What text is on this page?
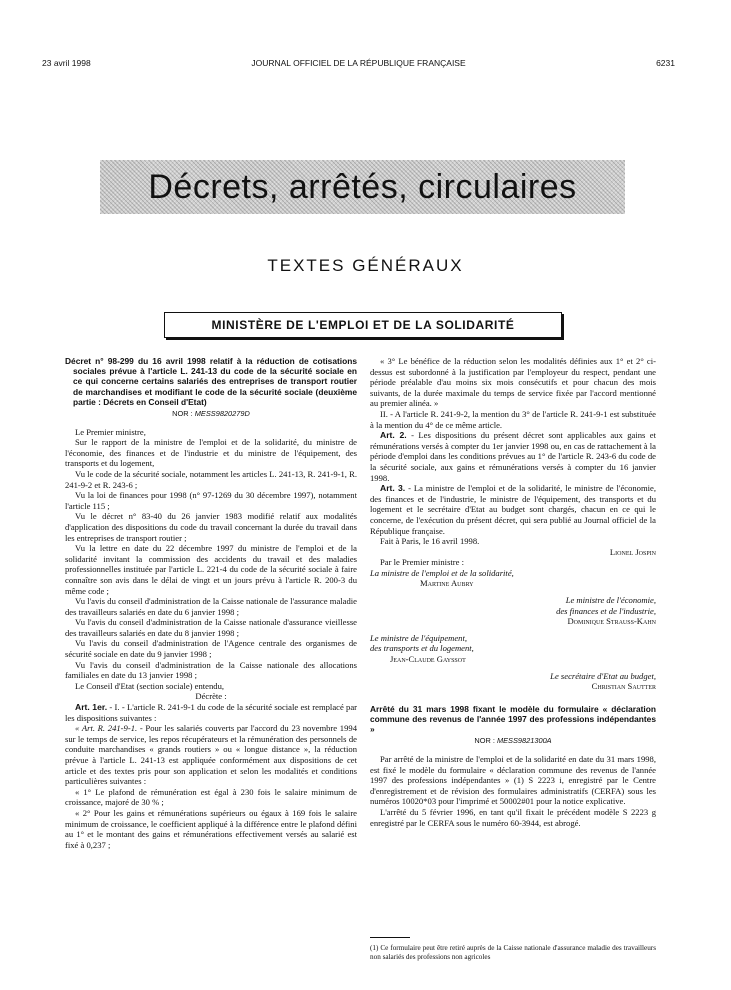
23 avril 1998	JOURNAL OFFICIEL DE LA RÉPUBLIQUE FRANÇAISE	6231
Décrets, arrêtés, circulaires
TEXTES GÉNÉRAUX
MINISTÈRE DE L'EMPLOI ET DE LA SOLIDARITÉ
Décret n° 98-299 du 16 avril 1998 relatif à la réduction de cotisations sociales prévue à l'article L. 241-13 du code de la sécurité sociale en ce qui concerne certains salariés des entreprises de transport routier de marchandises et modifiant le code de la sécurité sociale (deuxième partie : Décrets en Conseil d'Etat)
NOR : MESS9820279D

Le Premier ministre,

Sur le rapport de la ministre de l'emploi et de la solidarité, du ministre de l'économie, des finances et de l'industrie et du ministre de l'équipement, des transports et du logement,

Vu le code de la sécurité sociale, notamment les articles L. 241-13, R. 241-9-1, R. 241-9-2 et R. 243-6 ;

Vu la loi de finances pour 1998 (n° 97-1269 du 30 décembre 1997), notamment l'article 115 ;

Vu le décret n° 83-40 du 26 janvier 1983 modifié relatif aux modalités d'application des dispositions du code du travail concernant la durée du travail dans les entreprises de transport routier ;

Vu la lettre en date du 22 décembre 1997 du ministre de l'emploi et de la solidarité invitant la commission des accidents du travail et des maladies professionnelles instituée par l'article L. 221-4 du code de la sécurité sociale à faire connaître son avis dans le délai de vingt et un jours prévu à l'article R. 200-3 du même code ;

Vu l'avis du conseil d'administration de la Caisse nationale de l'assurance maladie des travailleurs salariés en date du 6 janvier 1998 ;

Vu l'avis du conseil d'administration de la Caisse nationale d'assurance vieillesse des travailleurs salariés en date du 8 janvier 1998 ;

Vu l'avis du conseil d'administration de l'Agence centrale des organismes de sécurité sociale en date du 9 janvier 1998 ;

Vu l'avis du conseil d'administration de la Caisse nationale des allocations familiales en date du 13 janvier 1998 ;

Le Conseil d'Etat (section sociale) entendu,

Décrète :

Art. 1er. - I. - L'article R. 241-9-1 du code de la sécurité sociale est remplacé par les dispositions suivantes :

« Art. R. 241-9-1. - Pour les salariés couverts par l'accord du 23 novembre 1994 sur le temps de service, les repos récupérateurs et la rémunération des personnels de conduite marchandises « grands routiers » ou « longue distance », la réduction prévue à l'article L. 241-13 est appliquée conformément aux dispositions de cet article et des textes pris pour son application et selon les modalités et conditions particulières suivantes :

« 1° Le plafond de rémunération est égal à 230 fois le salaire minimum de croissance, majoré de 30 % ;

« 2° Pour les gains et rémunérations supérieurs ou égaux à 169 fois le salaire minimum de croissance, le coefficient appliqué à la différence entre le plafond défini au 1° et le montant des gains et rémunérations effectivement versés au salarié est fixé à 0,237 ;

« 3° Le bénéfice de la réduction selon les modalités définies aux 1° et 2° ci-dessus est subordonné à la justification par l'employeur du respect, pendant une période préalable d'au moins six mois consécutifs et pour chacun des mois suivants, de la durée maximale du temps de service fixée par l'accord mentionné au premier alinéa. »

II. - A l'article R. 241-9-2, la mention du 3° de l'article R. 241-9-1 est substituée à la mention du 4° de ce même article.

Art. 2. - Les dispositions du présent décret sont applicables aux gains et rémunérations versés à compter du 1er janvier 1998 ou, en cas de rattachement à la période d'emploi dans les conditions prévues au 1° de l'article R. 243-6 du code de la sécurité sociale, aux gains et rémunérations versés à compter du 16 janvier 1998.

Art. 3. - La ministre de l'emploi et de la solidarité, le ministre de l'économie, des finances et de l'industrie, le ministre de l'équipement, des transports et du logement et le secrétaire d'Etat au budget sont chargés, chacun en ce qui le concerne, de l'exécution du présent décret, qui sera publié au Journal officiel de la République française.

Fait à Paris, le 16 avril 1998.

Lionel Jospin

Par le Premier ministre :

La ministre de l'emploi et de la solidarité,

Martine Aubry

Le ministre de l'économie,

des finances et de l'industrie,

Dominique Strauss-Kahn

Le ministre de l'équipement,

des transports et du logement,

Jean-Claude Gayssot

Le secrétaire d'Etat au budget,

Christian Sautter

Arrêté du 31 mars 1998 fixant le modèle du formulaire « déclaration commune des revenus de l'année 1997 des professions indépendantes »
NOR : MESS9821300A

Par arrêté de la ministre de l'emploi et de la solidarité en date du 31 mars 1998, est fixé le modèle du formulaire « déclaration commune des revenus de l'année 1997 des professions indépendantes » (1) S 2223 i, enregistré par le Centre d'enregistrement et de révision des formulaires administratifs (CERFA) sous les numéros 10020*03 pour l'imprimé et 50002#01 pour la notice explicative.

L'arrêté du 5 février 1996, en tant qu'il fixait le précédent modèle S 2223 g enregistré par le CERFA sous le numéro 60-3944, est abrogé.

(1) Ce formulaire peut être retiré auprès de la Caisse nationale d'assurance maladie des travailleurs non salariés des professions non agricoles
